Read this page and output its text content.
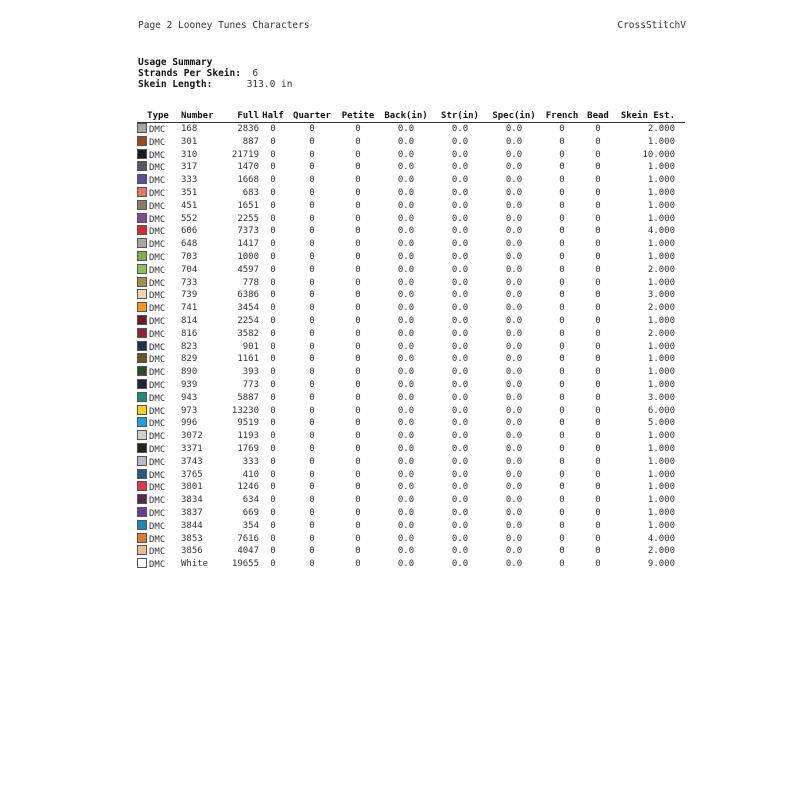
Page 2 Looney Tunes Characters	CrossStitchV
Usage Summary
Strands Per Skein: 6
Skein Length:	313.0 in
Type	Number	Full	Half	Quarter	Petite	Back(in)	Str(in)	Spec(in)	French	Bead	Skein Est.
DMC	168	2836	0	0	0	0.0	0.0	0.0	0	0	2.000
DMC	301	887	0	0	0	0.0	0.0	0.0	0	0	1.000
DMC	310	21719	0	0	0	0.0	0.0	0.0	0	0	10.000
DMC	317	1470	0	0	0	0.0	0.0	0.0	0	0	1.000
DMC	333	1668	0	0	0	0.0	0.0	0.0	0	0	1.000
DMC	351	683	0	0	0	0.0	0.0	0.0	0	0	1.000
DMC	451	1651	0	0	0	0.0	0.0	0.0	0	0	1.000
DMC	552	2255	0	0	0	0.0	0.0	0.0	0	0	1.000
DMC	606	7373	0	0	0	0.0	0.0	0.0	0	0	4.000
DMC	648	1417	0	0	0	0.0	0.0	0.0	0	0	1.000
DMC	703	1000	0	0	0	0.0	0.0	0.0	0	0	1.000
DMC	704	4597	0	0	0	0.0	0.0	0.0	0	0	2.000
DMC	733	778	0	0	0	0.0	0.0	0.0	0	0	1.000
DMC	739	6386	0	0	0	0.0	0.0	0.0	0	0	3.000
DMC	741	3454	0	0	0	0.0	0.0	0.0	0	0	2.000
DMC	814	2254	0	0	0	0.0	0.0	0.0	0	0	1.000
DMC	816	3582	0	0	0	0.0	0.0	0.0	0	0	2.000
DMC	823	901	0	0	0	0.0	0.0	0.0	0	0	1.000
DMC	829	1161	0	0	0	0.0	0.0	0.0	0	0	1.000
DMC	890	393	0	0	0	0.0	0.0	0.0	0	0	1.000
DMC	939	773	0	0	0	0.0	0.0	0.0	0	0	1.000
DMC	943	5887	0	0	0	0.0	0.0	0.0	0	0	3.000
DMC	973	13230	0	0	0	0.0	0.0	0.0	0	0	6.000
DMC	996	9519	0	0	0	0.0	0.0	0.0	0	0	5.000
DMC	3072	1193	0	0	0	0.0	0.0	0.0	0	0	1.000
DMC	3371	1769	0	0	0	0.0	0.0	0.0	0	0	1.000
DMC	3743	333	0	0	0	0.0	0.0	0.0	0	0	1.000
DMC	3765	410	0	0	0	0.0	0.0	0.0	0	0	1.000
DMC	3801	1246	0	0	0	0.0	0.0	0.0	0	0	1.000
DMC	3834	634	0	0	0	0.0	0.0	0.0	0	0	1.000
DMC	3837	669	0	0	0	0.0	0.0	0.0	0	0	1.000
DMC	3844	354	0	0	0	0.0	0.0	0.0	0	0	1.000
DMC	3853	7616	0	0	0	0.0	0.0	0.0	0	0	4.000
DMC	3856	4047	0	0	0	0.0	0.0	0.0	0	0	2.000
DMC	White	19655	0	0	0	0.0	0.0	0.0	0	0	9.000
